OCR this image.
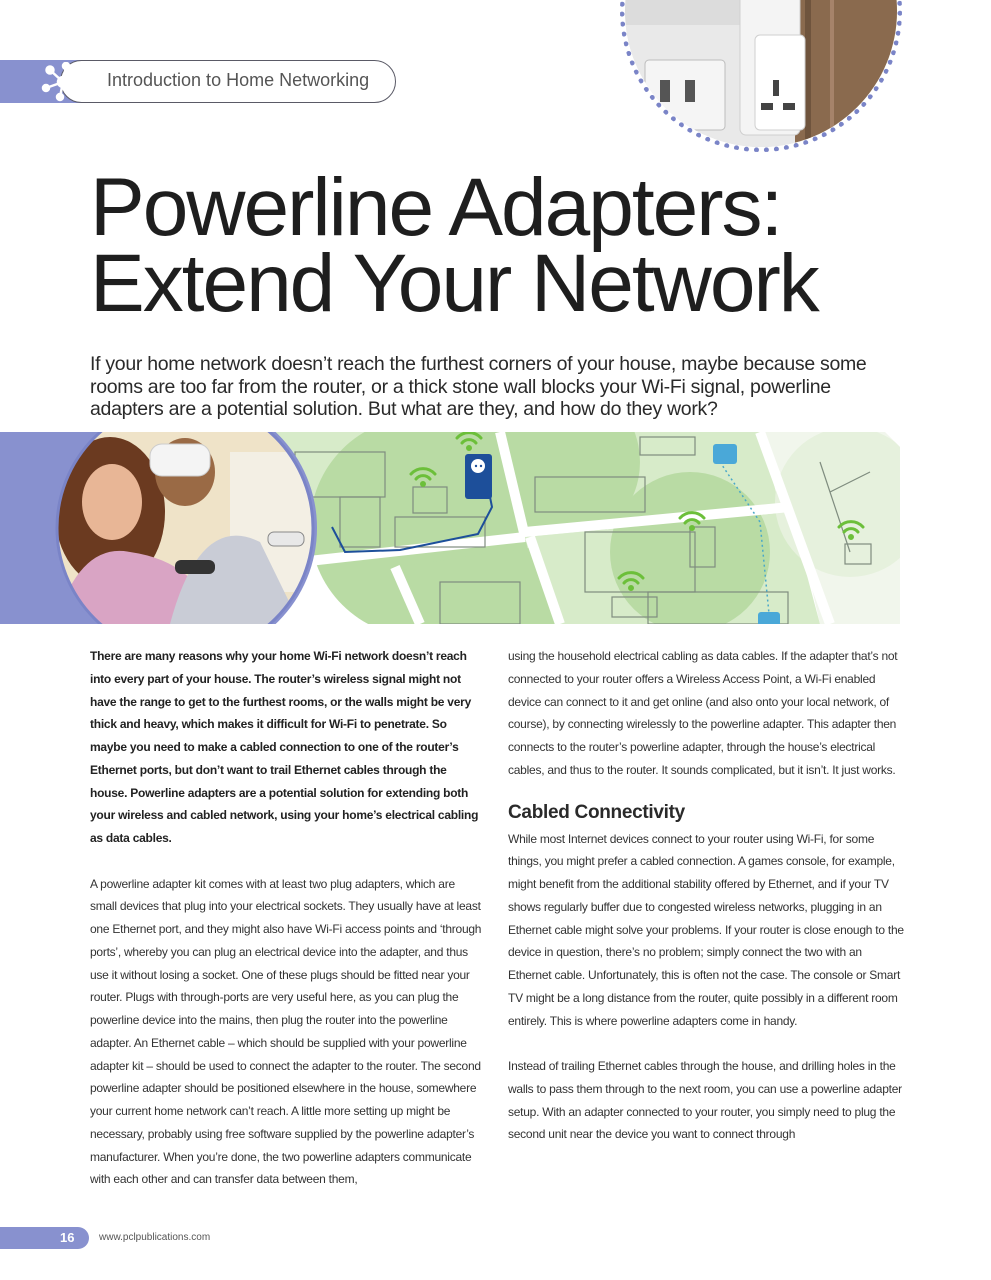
Introduction to Home Networking
Powerline Adapters:
Extend Your Network

If your home network doesn’t reach the furthest corners of your house, maybe because some rooms are too far from the router, or a thick stone wall blocks your Wi-Fi signal, powerline adapters are a potential solution. But what are they, and how do they work?

There are many reasons why your home Wi-Fi network doesn’t reach into every part of your house. The router’s wireless signal might not have the range to get to the furthest rooms, or the walls might be very thick and heavy, which makes it difficult for Wi-Fi to penetrate. So maybe you need to make a cabled connection to one of the router’s Ethernet ports, but don’t want to trail Ethernet cables through the house. Powerline adapters are a potential solution for extending both your wireless and cabled network, using your home’s electrical cabling as data cables.

A powerline adapter kit comes with at least two plug adapters, which are small devices that plug into your electrical sockets. They usually have at least one Ethernet port, and they might also have Wi-Fi access points and ‘through ports’, whereby you can plug an electrical device into the adapter, and thus use it without losing a socket. One of these plugs should be fitted near your router. Plugs with through-ports are very useful here, as you can plug the powerline device into the mains, then plug the router into the powerline adapter. An Ethernet cable – which should be supplied with your powerline adapter kit – should be used to connect the adapter to the router. The second powerline adapter should be positioned elsewhere in the house, somewhere your current home network can’t reach. A little more setting up might be necessary, probably using free software supplied by the powerline adapter’s manufacturer. When you’re done, the two powerline adapters communicate with each other and can transfer data between them,

using the household electrical cabling as data cables. If the adapter that’s not connected to your router offers a Wireless Access Point, a Wi-Fi enabled device can connect to it and get online (and also onto your local network, of course), by connecting wirelessly to the powerline adapter. This adapter then connects to the router’s powerline adapter, through the house’s electrical cables, and thus to the router. It sounds complicated, but it isn’t. It just works.

Cabled Connectivity

While most Internet devices connect to your router using Wi-Fi, for some things, you might prefer a cabled connection. A games console, for example, might benefit from the additional stability offered by Ethernet, and if your TV shows regularly buffer due to congested wireless networks, plugging in an Ethernet cable might solve your problems. If your router is close enough to the device in question, there’s no problem; simply connect the two with an Ethernet cable. Unfortunately, this is often not the case. The console or Smart TV might be a long distance from the router, quite possibly in a different room entirely. This is where powerline adapters come in handy.

Instead of trailing Ethernet cables through the house, and drilling holes in the walls to pass them through to the next room, you can use a powerline adapter setup. With an adapter connected to your router, you simply need to plug the second unit near the device you want to connect through

16 www.pclpublications.com
